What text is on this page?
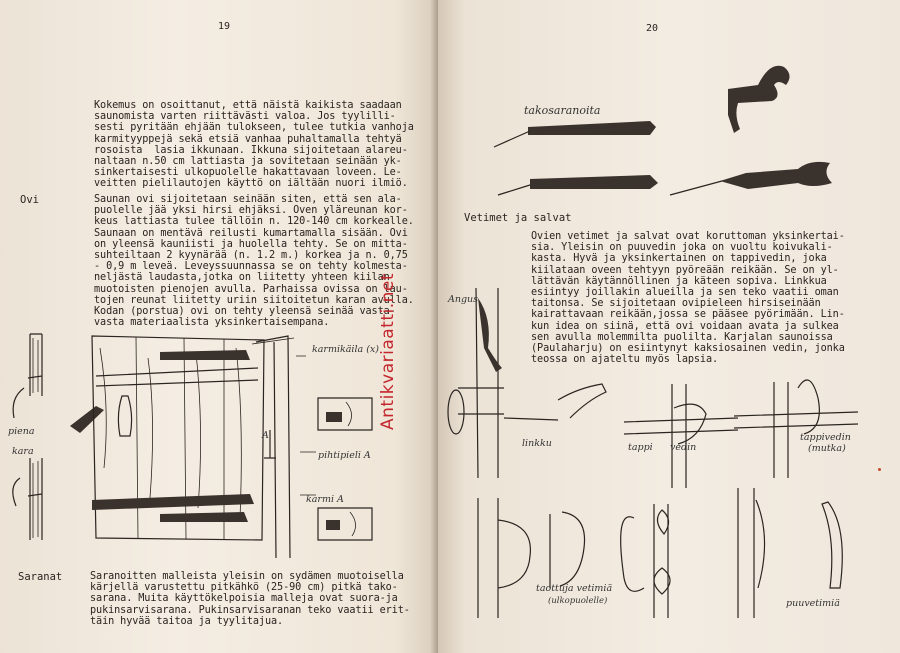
19
Kokemus on osoittanut, että näistä kaikista saadaan
saunomista varten riittävästi valoa. Jos tyylilli-
sesti pyritään ehjään tulokseen, tulee tutkia vanhoja
karmityyppejä sekä etsiä vanhaa puhaltamalla tehtyä
rosoista  lasia ikkunaan. Ikkuna sijoitetaan alareu-
naltaan n.50 cm lattiasta ja sovitetaan seinään yk-
sinkertaisesti ulkopuolelle hakattavaan loveen. Le-
veitten pielilautojen käyttö on iältään nuori ilmiö.
Ovi	Saunan ovi sijoitetaan seinään siten, että sen ala-
puolelle jää yksi hirsi ehjäksi. Oven yläreunan kor-
keus lattiasta tulee tällöin n. 120-140 cm korkealle.
Saunaan on mentävä reilusti kumartamalla sisään. Ovi
on yleensä kauniisti ja huolella tehty. Se on mitta-
suhteiltaan 2 kyynärää (n. 1.2 m.) korkea ja n. 0,75
- 0,9 m leveä. Leveyssuunnassa se on tehty kolmesta-
neljästä laudasta,jotka on liitetty yhteen kiilan
muotoisten pienojen avulla. Parhaissa ovissa on lau-
tojen reunat liitetty uriin siitoitetun karan avulla.
Kodan (porstua) ovi on tehty yleensä seinää vasta-
vasta materiaalista yksinkertaisempana.
karmikäila (x)
pihtipieli A
karmi A
piena
kara
A
Saranat	Saranoitten malleista yleisin on sydämen muotoisella
kärjellä varustettu pitkähkö (25-90 cm) pitkä tako-
sarana. Muita käyttökelpoisia malleja ovat suora-ja
pukinsarvisarana. Pukinsarvisaranan teko vaatii erit-
täin hyvää taitoa ja tyylitajua.
20
takosaranoita
Vetimet ja salvat
Ovien vetimet ja salvat ovat koruttoman yksinkertai-
sia. Yleisin on puuvedin joka on vuoltu koivukali-
kasta. Hyvä ja yksinkertainen on tappivedin, joka
kiilataan oveen tehtyyn pyöreään reikään. Se on yl-
lättävän käytännöllinen ja käteen sopiva. Linkkua
esiintyy joillakin alueilla ja sen teko vaatii oman
taitonsa. Se sijoitetaan ovipieleen hirsiseinään
kairattavaan reikään,jossa se pääsee pyörimään. Lin-
kun idea on siinä, että ovi voidaan avata ja sulkea
sen avulla molemmilta puolilta. Karjalan saunoissa
(Paulaharju) on esiintynyt kaksiosainen vedin, jonka
teossa on ajateltu myös lapsia.
Angus
linkku	tappi vedin
tappivedin
(mutka)
taottuja vetimiä
(ulkopuolelle)	puuvetimiä
Antikvariaatti.net
